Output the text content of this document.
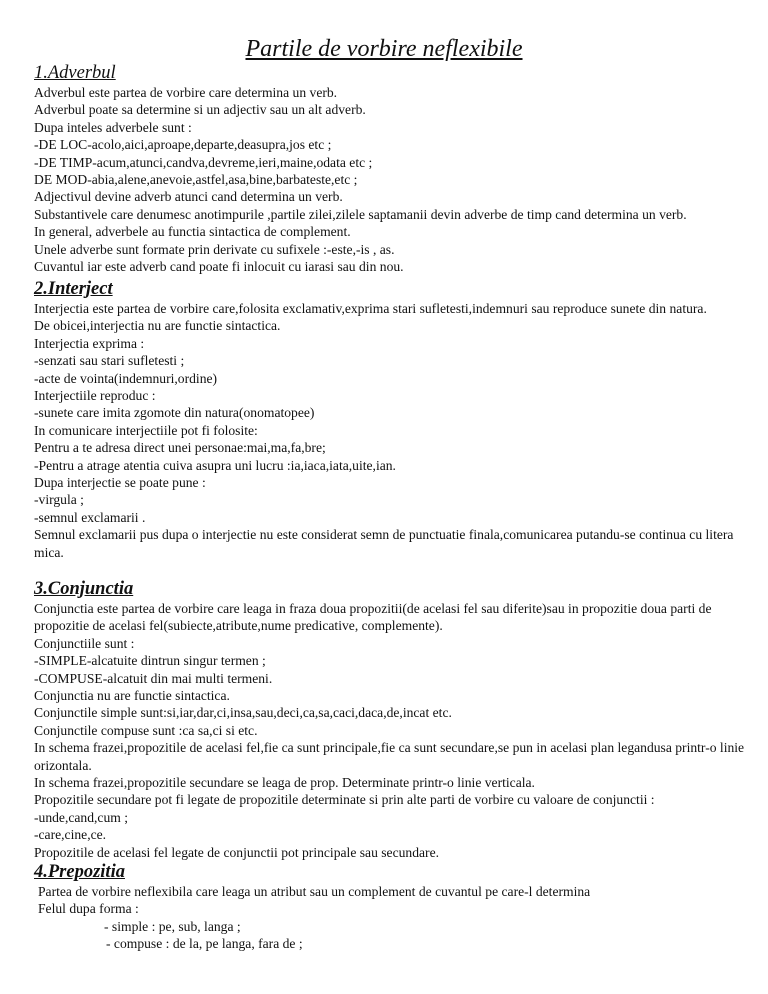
Partile de vorbire neflexibile
1.Adverbul
Adverbul este partea de vorbire care determina un verb.
Adverbul poate sa determine si un adjectiv sau un alt adverb.
Dupa inteles adverbele sunt :
-DE LOC-acolo,aici,aproape,departe,deasupra,jos etc ;
-DE TIMP-acum,atunci,candva,devreme,ieri,maine,odata etc ;
DE MOD-abia,alene,anevoie,astfel,asa,bine,barbateste,etc ;
Adjectivul devine adverb atunci cand determina un verb.
Substantivele care denumesc anotimpurile ,partile zilei,zilele saptamanii devin adverbe de timp cand determina un verb.
In general, adverbele au functia sintactica de complement.
Unele adverbe sunt formate prin derivate cu sufixele :-este,-is , as.
Cuvantul iar este adverb cand poate fi inlocuit cu iarasi sau din nou.
2.Interject
Interjectia este partea de vorbire care,folosita exclamativ,exprima stari sufletesti,indemnuri sau reproduce sunete din natura.
De obicei,interjectia nu are functie sintactica.
Interjectia exprima :
-senzati sau stari sufletesti ;
-acte de vointa(indemnuri,ordine)
Interjectiile reproduc :
-sunete care imita zgomote din natura(onomatopee)
In comunicare interjectiile pot fi folosite:
Pentru a te adresa direct unei personae:mai,ma,fa,bre;
-Pentru a atrage atentia cuiva asupra uni lucru :ia,iaca,iata,uite,ian.
Dupa interjectie se poate pune :
-virgula ;
-semnul exclamarii .
Semnul exclamarii pus dupa o interjectie nu este considerat semn de punctuatie finala,comunicarea putandu-se continua cu litera mica.
3.Conjunctia
Conjunctia este partea de vorbire care leaga in fraza doua propozitii(de acelasi fel sau diferite)sau in propozitie doua parti de propozitie de acelasi fel(subiecte,atribute,nume predicative, complemente).
Conjunctiile sunt :
-SIMPLE-alcatuite dintrun singur termen ;
-COMPUSE-alcatuit din mai multi termeni.
Conjunctia nu are functie sintactica.
Conjunctile simple sunt:si,iar,dar,ci,insa,sau,deci,ca,sa,caci,daca,de,incat etc.
Conjunctile compuse sunt :ca sa,ci si etc.
In schema frazei,propozitile de acelasi fel,fie ca sunt principale,fie ca sunt secundare,se pun in acelasi plan legandusa printr-o linie orizontala.
In schema frazei,propozitile secundare se leaga de prop. Determinate printr-o linie verticala.
Propozitile secundare pot fi legate de propozitile determinate si prin alte parti de vorbire cu valoare de conjunctii :
-unde,cand,cum ;
-care,cine,ce.
Propozitile de acelasi fel legate de conjunctii pot principale sau secundare.
4.Prepozitia
Partea de vorbire neflexibila care leaga un atribut sau un complement de cuvantul pe care-l determina
Felul dupa forma :
- simple : pe, sub, langa ;
- compuse : de la, pe langa, fara de ;
